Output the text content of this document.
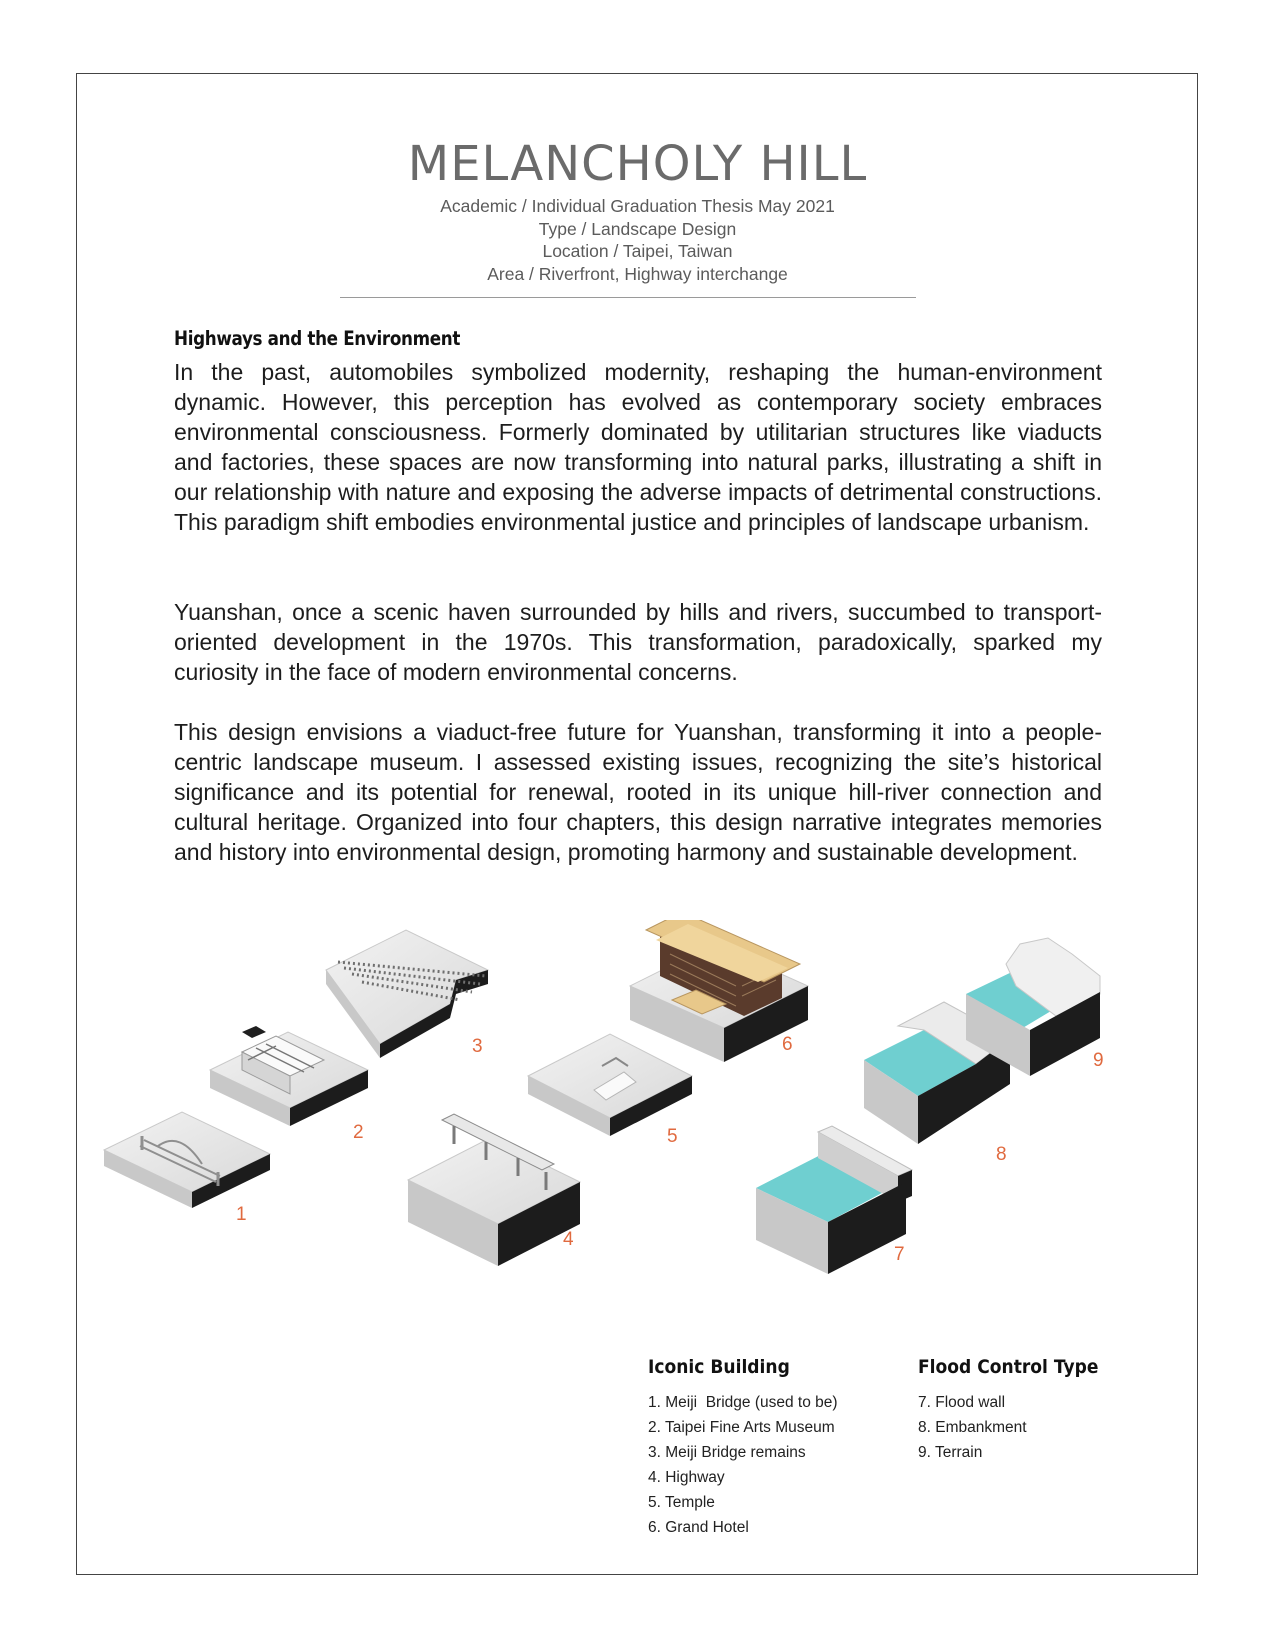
MELANCHOLY HILL
Academic / Individual Graduation Thesis May 2021
Type / Landscape Design
Location / Taipei, Taiwan
Area / Riverfront, Highway interchange
Highways and the Environment

In the past, automobiles symbolized modernity, reshaping the human-environment dynamic. However, this perception has evolved as contemporary society embraces environmental consciousness. Formerly dominated by utilitarian structures like viaducts and factories, these spaces are now transforming into natural parks, illustrating a shift in our relationship with nature and exposing the adverse impacts of detrimental constructions. This paradigm shift embodies environmental justice and principles of landscape urbanism.

Yuanshan, once a scenic haven surrounded by hills and rivers, succumbed to transport-oriented development in the 1970s. This transformation, paradoxically, sparked my curiosity in the face of modern environmental concerns.

This design envisions a viaduct-free future for Yuanshan, transforming it into a people-centric landscape museum. I assessed existing issues, recognizing the site’s historical significance and its potential for renewal, rooted in its unique hill-river connection and cultural heritage. Organized into four chapters, this design narrative integrates memories and history into environmental design, promoting harmony and sustainable development.

1
2
3
4
5
6
7
8
9
Iconic Building
1. Meiji  Bridge (used to be)
2. Taipei Fine Arts Museum
3. Meiji Bridge remains
4. Highway
5. Temple
6. Grand Hotel
Flood Control Type
7. Flood wall
8. Embankment
9. Terrain
